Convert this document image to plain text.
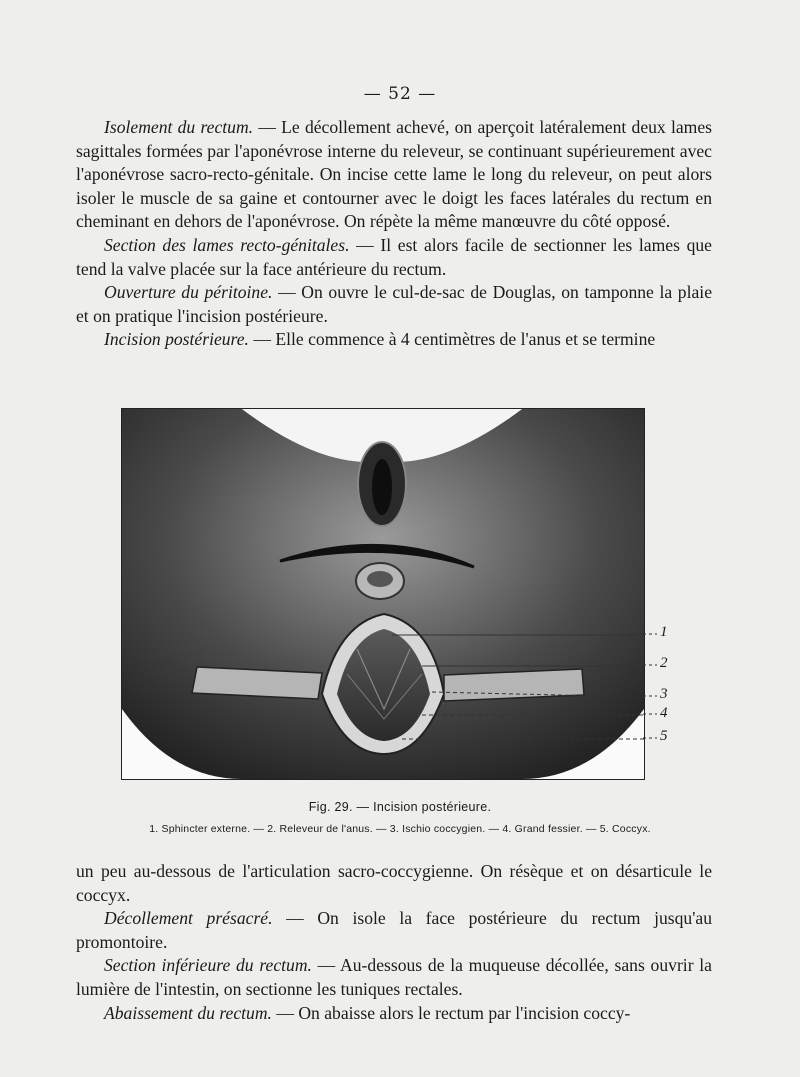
— 52 —

Isolement du rectum. — Le décollement achevé, on aperçoit latéralement deux lames sagittales formées par l'aponévrose interne du releveur, se continuant supérieurement avec l'aponévrose sacro-recto-génitale. On incise cette lame le long du releveur, on peut alors isoler le muscle de sa gaine et contourner avec le doigt les faces latérales du rectum en cheminant en dehors de l'aponévrose. On répète la même manœuvre du côté opposé.

Section des lames recto-génitales. — Il est alors facile de sectionner les lames que tend la valve placée sur la face antérieure du rectum.

Ouverture du péritoine. — On ouvre le cul-de-sac de Douglas, on tamponne la plaie et on pratique l'incision postérieure.

Incision postérieure. — Elle commence à 4 centimètres de l'anus et se termine

1
2
3
4
5
Fig. 29. — Incision postérieure.
1. Sphincter externe. — 2. Releveur de l'anus. — 3. Ischio coccygien. — 4. Grand fessier. — 5. Coccyx.

un peu au-dessous de l'articulation sacro-coccygienne. On résèque et on désarticule le coccyx.

Décollement présacré. — On isole la face postérieure du rectum jusqu'au promontoire.

Section inférieure du rectum. — Au-dessous de la muqueuse décollée, sans ouvrir la lumière de l'intestin, on sectionne les tuniques rectales.

Abaissement du rectum. — On abaisse alors le rectum par l'incision coccy-
